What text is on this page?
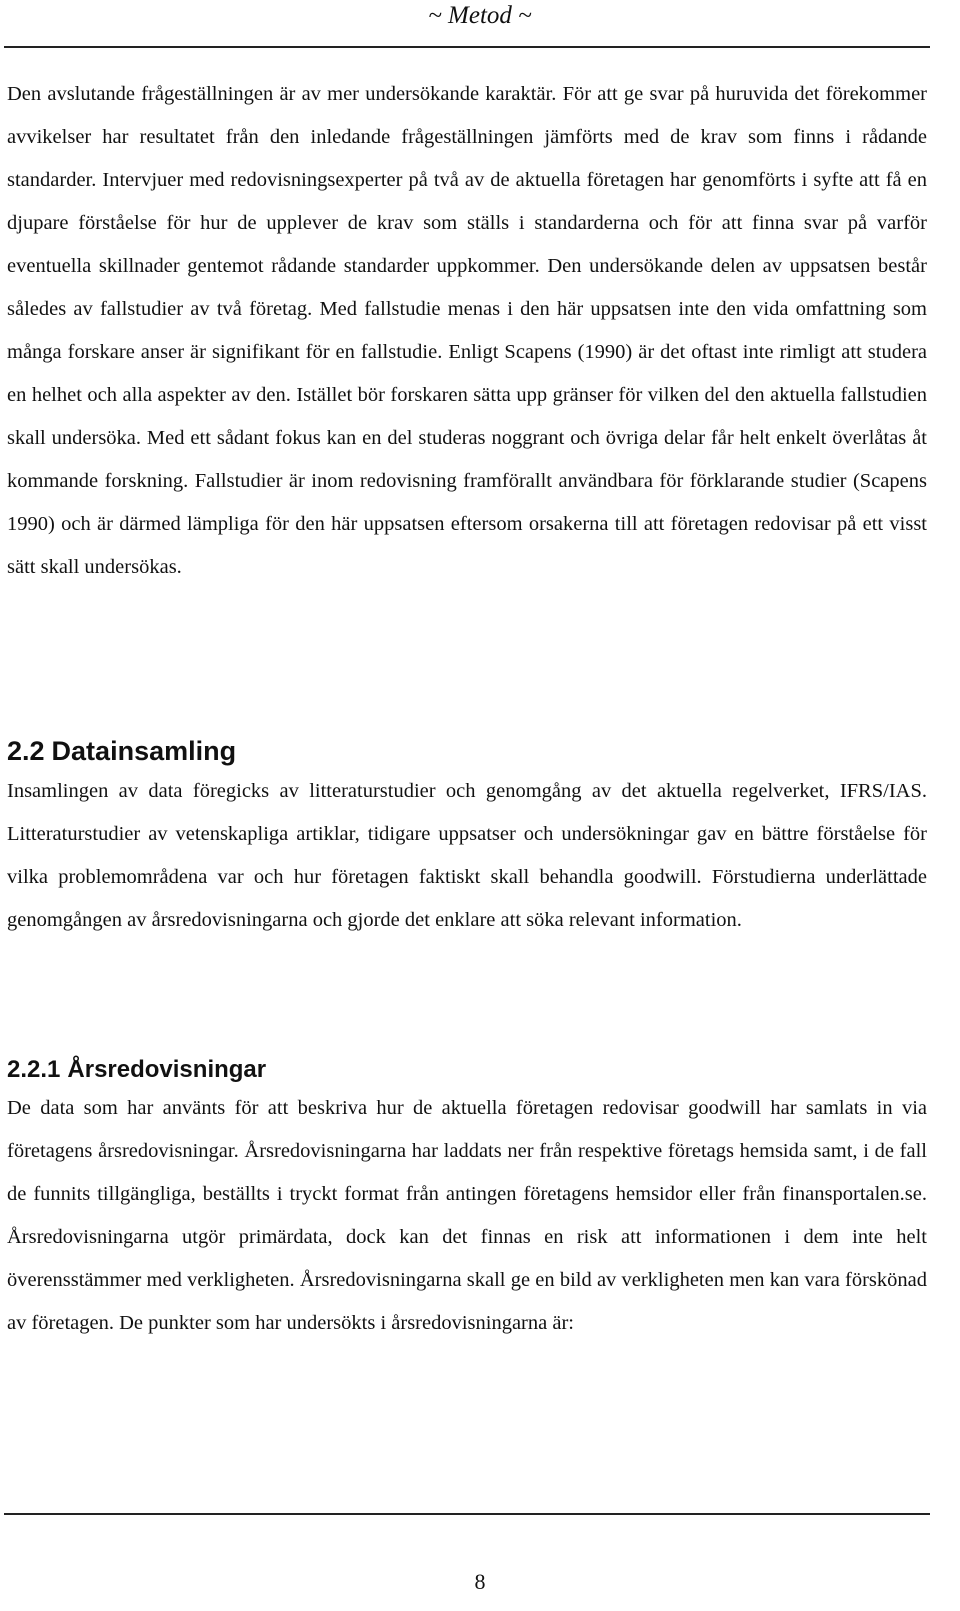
~ Metod ~

Den avslutande frågeställningen är av mer undersökande karaktär. För att ge svar på huruvida det förekommer avvikelser har resultatet från den inledande frågeställningen jämförts med de krav som finns i rådande standarder. Intervjuer med redovisningsexperter på två av de aktuella företagen har genomförts i syfte att få en djupare förståelse för hur de upplever de krav som ställs i standarderna och för att finna svar på varför eventuella skillnader gentemot rådande standarder uppkommer. Den undersökande delen av uppsatsen består således av fallstudier av två företag. Med fallstudie menas i den här uppsatsen inte den vida omfattning som många forskare anser är signifikant för en fallstudie. Enligt Scapens (1990) är det oftast inte rimligt att studera en helhet och alla aspekter av den. Istället bör forskaren sätta upp gränser för vilken del den aktuella fallstudien skall undersöka. Med ett sådant fokus kan en del studeras noggrant och övriga delar får helt enkelt överlåtas åt kommande forskning. Fallstudier är inom redovisning framförallt användbara för förklarande studier (Scapens 1990) och är därmed lämpliga för den här uppsatsen eftersom orsakerna till att företagen redovisar på ett visst sätt skall undersökas.

2.2 Datainsamling

Insamlingen av data föregicks av litteraturstudier och genomgång av det aktuella regelverket, IFRS/IAS. Litteraturstudier av vetenskapliga artiklar, tidigare uppsatser och undersökningar gav en bättre förståelse för vilka problemområdena var och hur företagen faktiskt skall behandla goodwill. Förstudierna underlättade genomgången av årsredovisningarna och gjorde det enklare att söka relevant information.

2.2.1 Årsredovisningar

De data som har använts för att beskriva hur de aktuella företagen redovisar goodwill har samlats in via företagens årsredovisningar. Årsredovisningarna har laddats ner från respektive företags hemsida samt, i de fall de funnits tillgängliga, beställts i tryckt format från antingen företagens hemsidor eller från finansportalen.se. Årsredovisningarna utgör primärdata, dock kan det finnas en risk att informationen i dem inte helt överensstämmer med verkligheten. Årsredovisningarna skall ge en bild av verkligheten men kan vara förskönad av företagen. De punkter som har undersökts i årsredovisningarna är:

8
